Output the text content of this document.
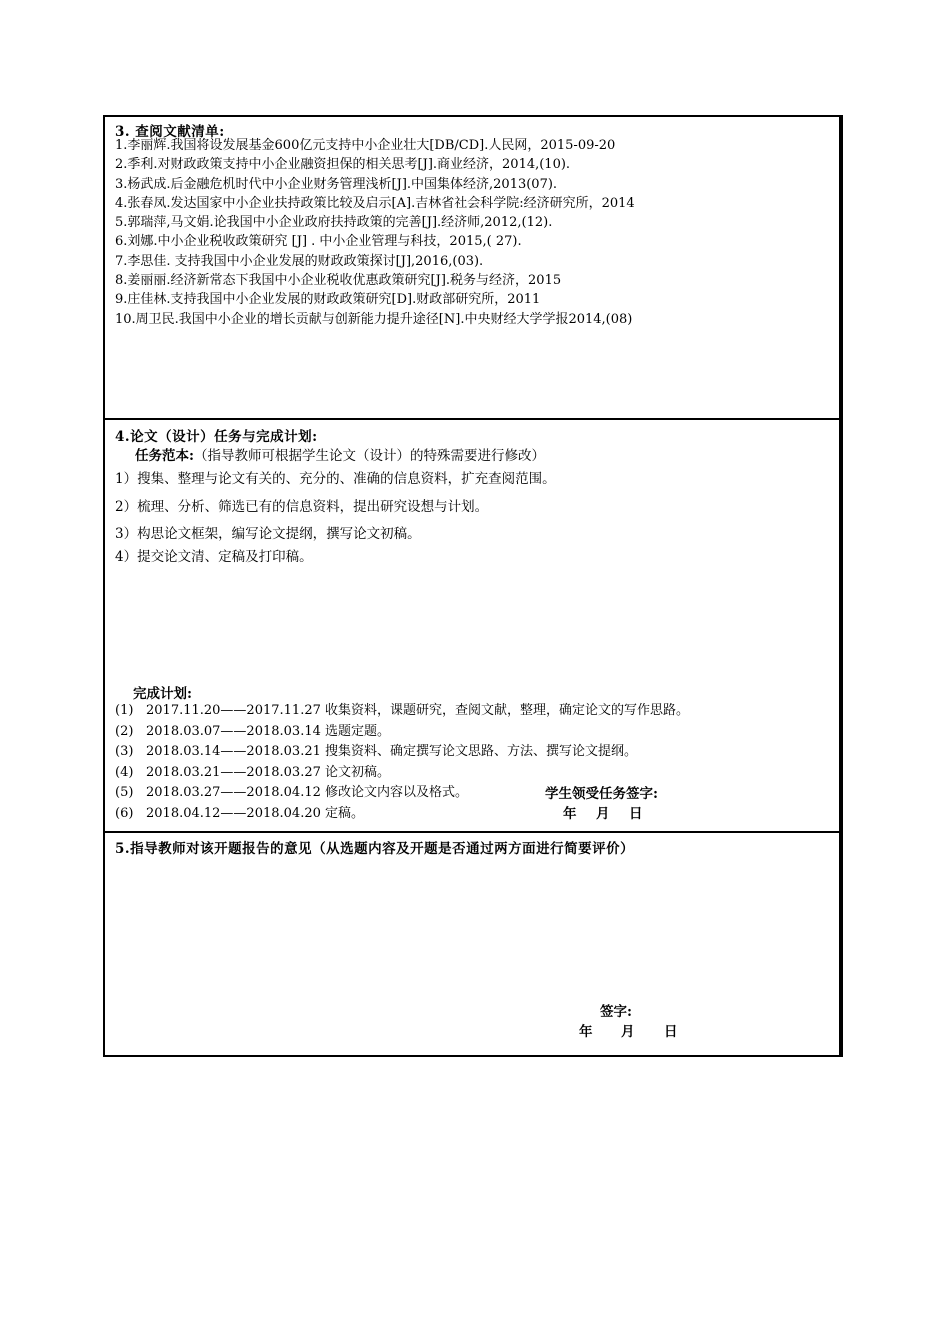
3. 查阅文献清单:
1.李丽辉.我国将设发展基金600亿元支持中小企业壮大[DB/CD].人民网，2015-09-20
2.季利.对财政政策支持中小企业融资担保的相关思考[J].商业经济，2014,(10).
3.杨武成.后金融危机时代中小企业财务管理浅析[J].中国集体经济,2013(07).
4.张春凤.发达国家中小企业扶持政策比较及启示[A].吉林省社会科学院:经济研究所，2014
5.郭瑞萍,马文娟.论我国中小企业政府扶持政策的完善[J].经济师,2012,(12).
6.刘娜.中小企业税收政策研究 [J] . 中小企业管理与科技，2015,( 27).
7.李思佳. 支持我国中小企业发展的财政政策探讨[J],2016,(03).
8.姜丽丽.经济新常态下我国中小企业税收优惠政策研究[J].税务与经济，2015
9.庄佳林.支持我国中小企业发展的财政政策研究[D].财政部研究所，2011
10.周卫民.我国中小企业的增长贡献与创新能力提升途径[N].中央财经大学学报2014,(08)
4.论文（设计）任务与完成计划:
任务范本:（指导教师可根据学生论文（设计）的特殊需要进行修改）
1）搜集、整理与论文有关的、充分的、准确的信息资料，扩充查阅范围。
2）梳理、分析、筛选已有的信息资料，提出研究设想与计划。
3）构思论文框架，编写论文提纲，撰写论文初稿。
4）提交论文清、定稿及打印稿。
完成计划:
(1) 2017.11.20——2017.11.27 收集资料，课题研究，查阅文献，整理，确定论文的写作思路。
(2) 2018.03.07——2018.03.14 选题定题。
(3) 2018.03.14——2018.03.21 搜集资料、确定撰写论文思路、方法、撰写论文提纲。
(4) 2018.03.21——2018.03.27 论文初稿。
(5) 2018.03.27——2018.04.12 修改论文内容以及格式。
(6) 2018.04.12——2018.04.20 定稿。
学生领受任务签字:
年 月 日
5.指导教师对该开题报告的意见（从选题内容及开题是否通过两方面进行简要评价）
签字:
年 月 日
